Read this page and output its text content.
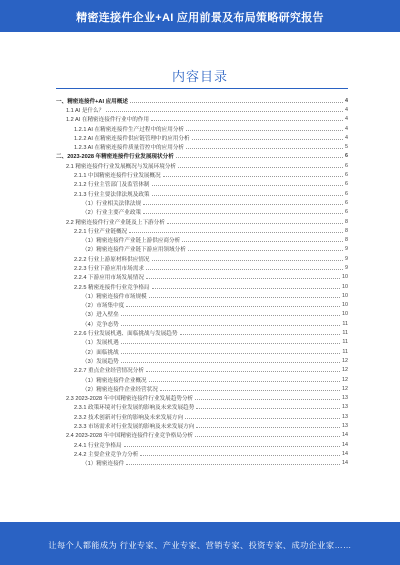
精密连接件企业+AI 应用前景及布局策略研究报告
内容目录
一、精密连接件+AI 应用概述	4
1.1 AI 是什么？	4
1.2 AI 在精密连接件行业中的作用	4
1.2.1 AI 在精密连接件生产过程中的应用分析	4
1.2.2 AI 在精密连接件供应链管理中的应用分析	4
1.2.3 AI 在精密连接件质量管控中的应用分析	5
二、2023-2028 年精密连接件行业发展现状分析	6
2.1 精密连接件行业发展概况与发展环境分析	6
2.1.1 中国精密连接件行业发展概况	6
2.1.2 行业主管部门及监管体制	6
2.1.3 行业主要法律法规及政策	6
（1）行业相关法律法规	6
（2）行业主要产业政策	6
2.2 精密连接件行业产业链及上下游分析	8
2.2.1 行业产业链概况	8
（1）精密连接件产业链上游供应商分析	8
（2）精密连接件产业链下游应用领域分析	9
2.2.2 行业上游原材料供应情况	9
2.2.3 行业下游应用市场需求	9
2.2.4 下游应用市场发展情况	10
2.2.5 精密连接件行业竞争格局	10
（1）精密连接件市场规模	10
（2）市场集中度	10
（3）进入壁垒	10
（4）竞争态势	11
2.2.6 行业发展机遇、面临挑战与发展趋势	11
（1）发展机遇	11
（2）面临挑战	11
（3）发展趋势	12
2.2.7 重点企业经营情况分析	12
（1）精密连接件企业概况	12
（2）精密连接件企业经营状况	12
2.3 2023-2028 年中国精密连接件行业发展趋势分析	13
2.3.1 政策环境对行业发展的影响及未来发展趋势	13
2.3.2 技术创新对行业的影响及未来发展方向	13
2.3.3 市场需求对行业发展的影响及未来发展方向	13
2.4 2023-2028 年中国精密连接件行业竞争格局分析	14
2.4.1 行业竞争格局	14
2.4.2 主要企业竞争力分析	14
（1）精密连接件	14
让每个人都能成为 行业专家、产业专家、营销专家、投资专家、成功企业家……
